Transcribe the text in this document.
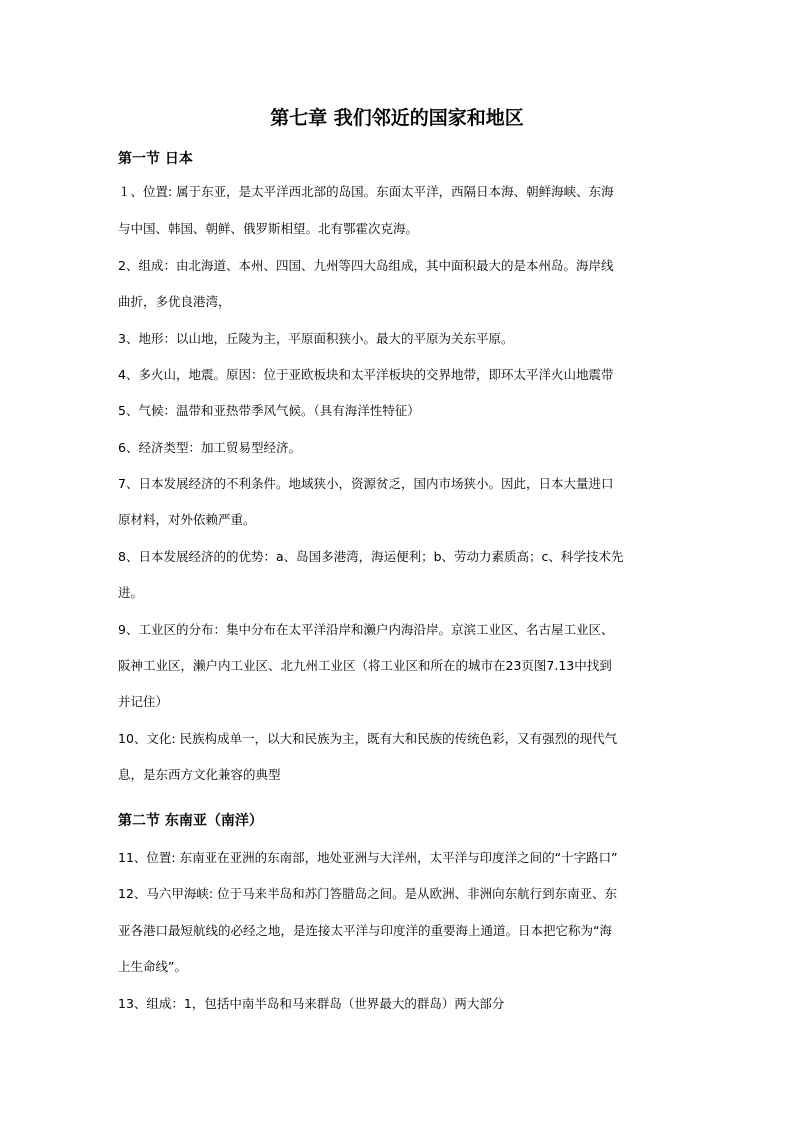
第七章 我们邻近的国家和地区
第一节 日本

１、位置: 属于东亚，是太平洋西北部的岛国。东面太平洋，西隔日本海、朝鲜海峡、东海

与中国、韩国、朝鲜、俄罗斯相望。北有鄂霍次克海。

2、组成：由北海道、本州、四国、九州等四大岛组成，其中面积最大的是本州岛。海岸线

曲折，多优良港湾，

3、地形：以山地，丘陵为主，平原面积狭小。最大的平原为关东平原。

4、多火山，地震。原因：位于亚欧板块和太平洋板块的交界地带，即环太平洋火山地震带

5、气候：温带和亚热带季风气候。（具有海洋性特征）

6、经济类型：加工贸易型经济。

7、日本发展经济的不利条件。地域狭小，资源贫乏，国内市场狭小。因此，日本大量进口

原材料，对外依赖严重。

8、日本发展经济的的优势：a、岛国多港湾，海运便利；b、劳动力素质高；c、科学技术先

进。

9、工业区的分布：集中分布在太平洋沿岸和濑户内海沿岸。京滨工业区、名古屋工业区、

阪神工业区，濑户内工业区、北九州工业区（将工业区和所在的城市在23页图7.13中找到

并记住）

10、文化: 民族构成单一，以大和民族为主，既有大和民族的传统色彩，又有强烈的现代气

息，是东西方文化兼容的典型

第二节 东南亚（南洋）

11、位置: 东南亚在亚洲的东南部，地处亚洲与大洋州，太平洋与印度洋之间的“十字路口”

12、马六甲海峡: 位于马来半岛和苏门答腊岛之间。是从欧洲、非洲向东航行到东南亚、东

亚各港口最短航线的必经之地，是连接太平洋与印度洋的重要海上通道。日本把它称为“海

上生命线”。

13、组成：1，包括中南半岛和马来群岛（世界最大的群岛）两大部分
